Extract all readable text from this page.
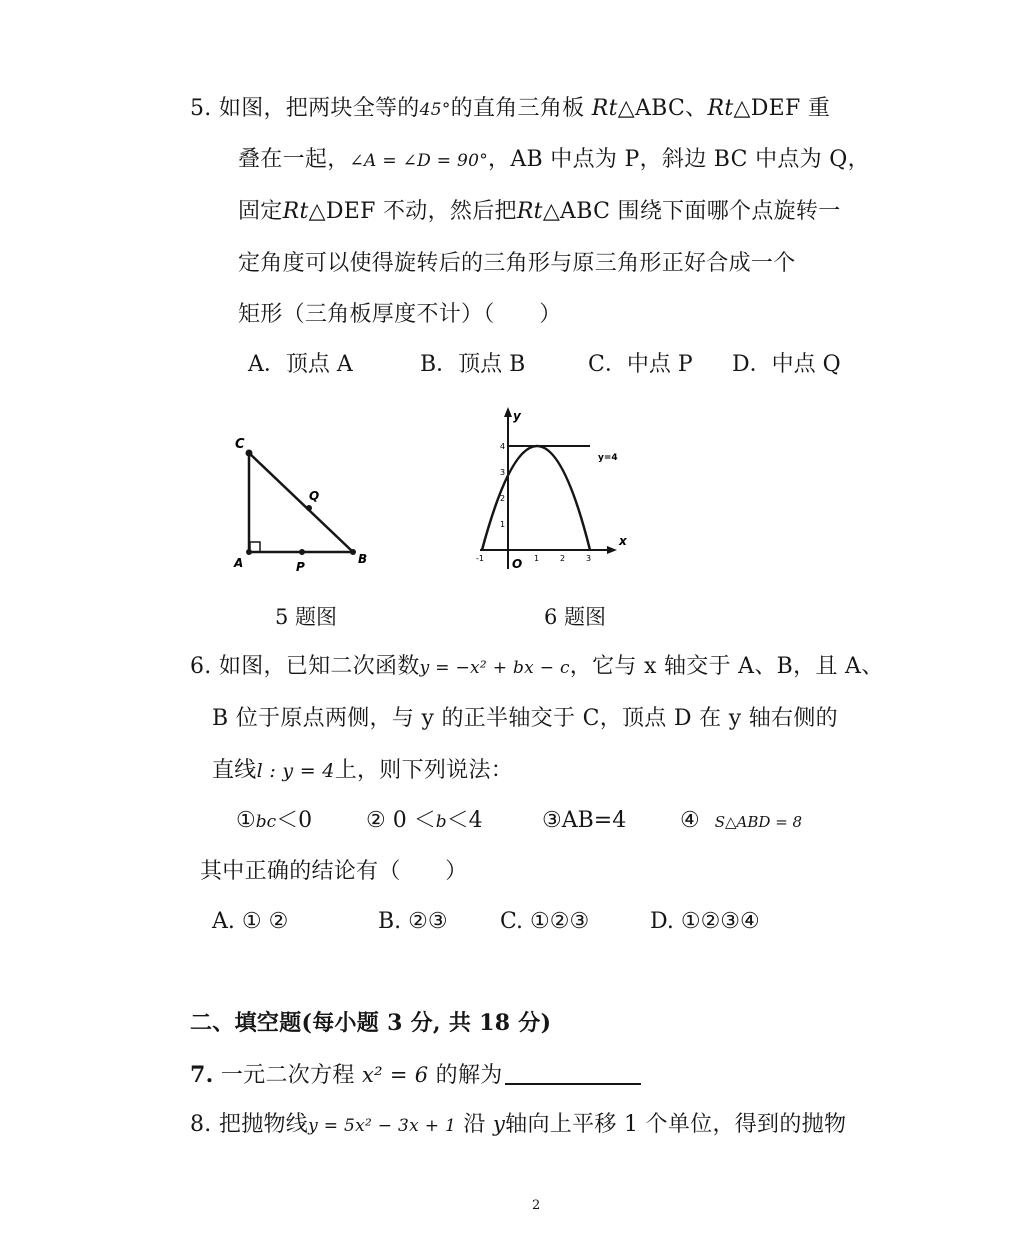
5. 如图，把两块全等的45°的直角三角板 Rt△ABC、Rt△DEF 重
叠在一起，∠A = ∠D = 90°，AB 中点为 P，斜边 BC 中点为 Q，
固定Rt△DEF 不动，然后把Rt△ABC 围绕下面哪个点旋转一
定角度可以使得旋转后的三角形与原三角形正好合成一个
矩形（三角板厚度不计）（　　）
A．顶点 A	B．顶点 B	C．中点 P D．中点 Q
C
Q
A	P
B
5 题图
y
x
O
y=4
4
3
2
1
-1	1	2	3
6 题图
6. 如图，已知二次函数y = −x² + bx − c，它与 x 轴交于 A、B，且 A、
B 位于原点两侧，与 y 的正半轴交于 C，顶点 D 在 y 轴右侧的
直线l : y = 4上，则下列说法：
①bc＜0 ② 0 ＜b＜4	③AB=4 ④ S△ABD = 8
其中正确的结论有（　　）
A. ① ②	B. ②③ C. ①②③	D. ①②③④
二、填空题(每小题 3 分, 共 18 分)
7. 一元二次方程 x² = 6 的解为
8. 把抛物线y = 5x² − 3x + 1 沿 y轴向上平移 1 个单位，得到的抛物
2
